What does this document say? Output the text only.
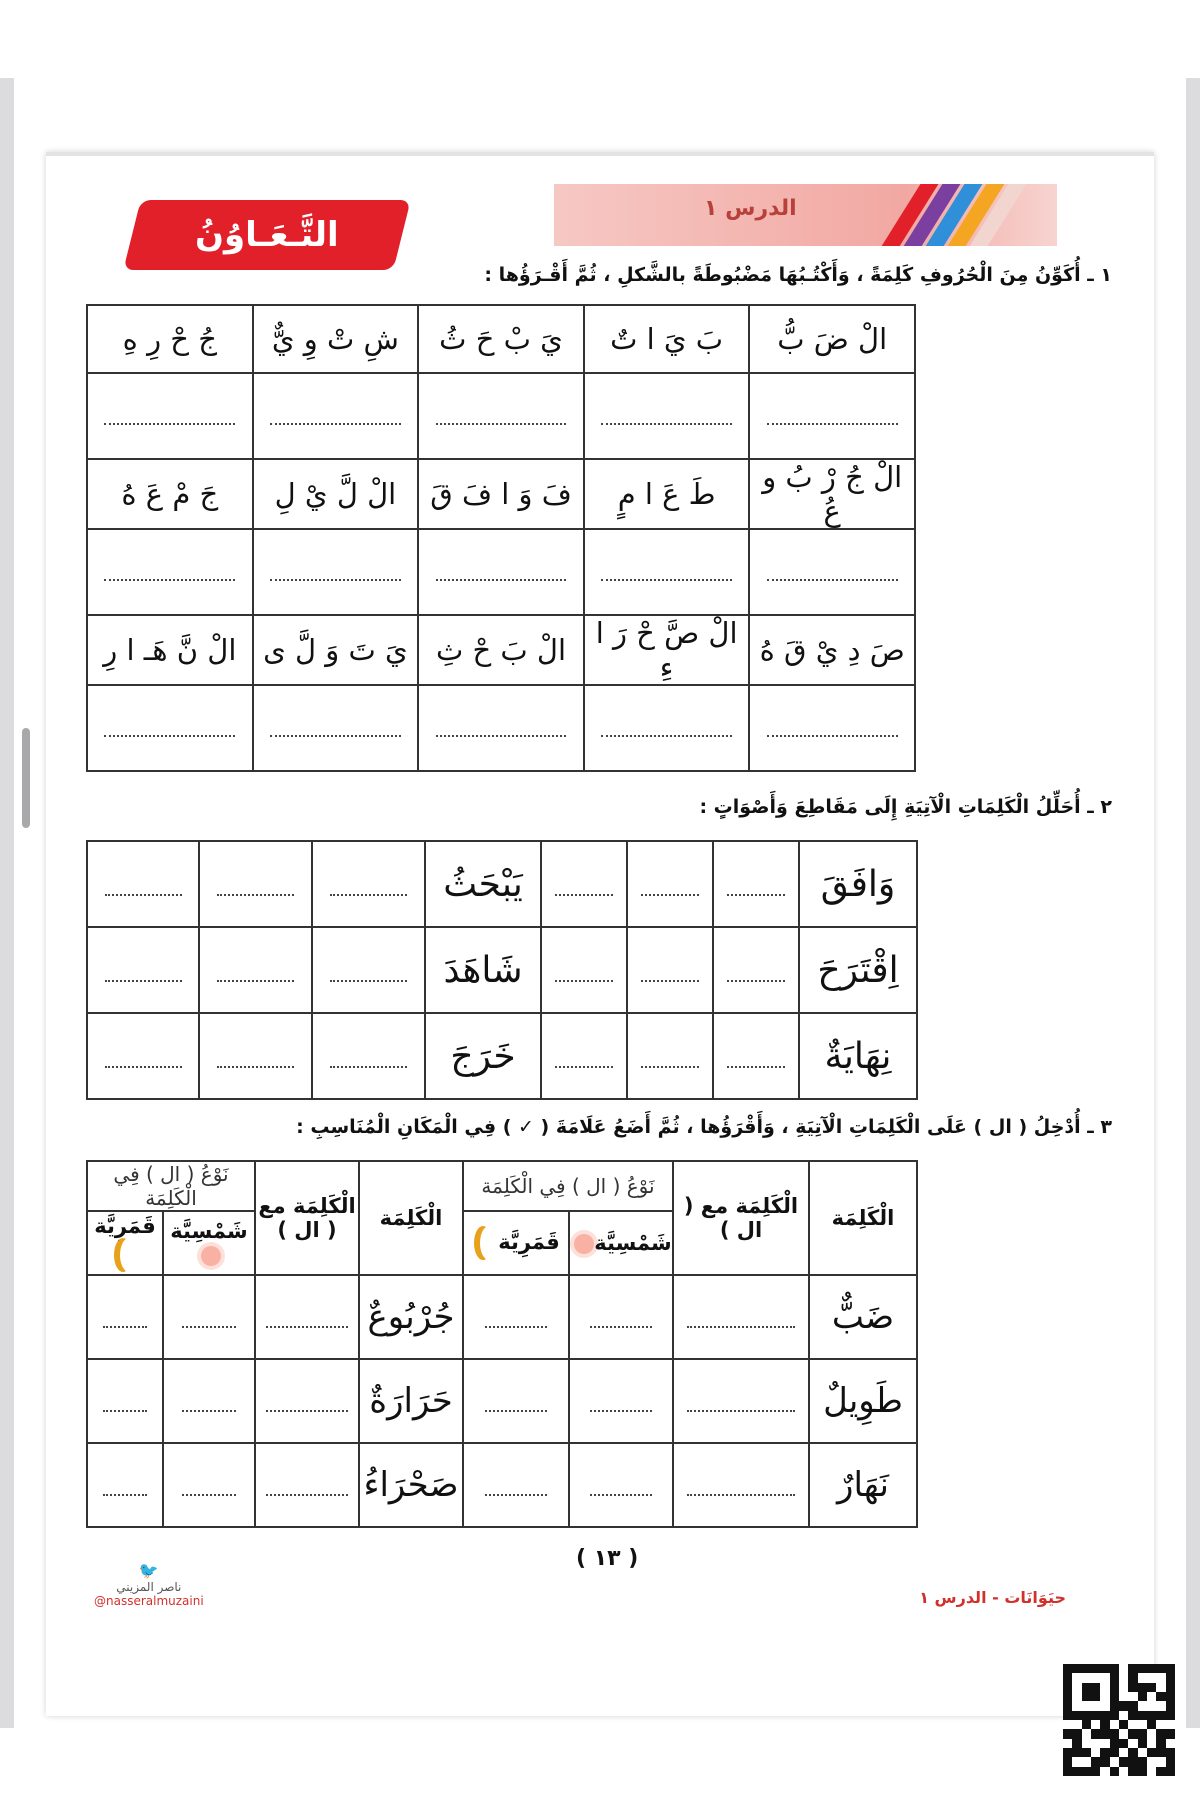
الدرس ١
التَّـعَـاوُنُ
١ ـ أُكَوِّنُ مِنَ الْحُرُوفِ كَلِمَةً ، وَأَكْتُـبُهَا مَضْبُوطَةً بالشَّكلِ ، ثُمَّ أَقْـرَؤُها :
الْ ضَ بُّ	بَ يَ ا تٌ	يَ بْ حَ ثُ	شِ تْ وِ يٌّ	جُ حْ رِ هِ

الْ جُ رْ بُ و عُ	طَ عَ ا مٍ	فَ وَ ا فَ قَ	الْ لَّ يْ لِ	جَ مْ عَ هُ

صَ دِ يْ قَ هُ	الْ صَّ حْ رَ ا ءِ	الْ بَ حْ ثِ	يَ تَ وَ لَّ ى	الْ نَّ هَـ ا رِ

٢ ـ أُحَلِّلُ الْكَلِمَاتِ الْآتِيَةِ إِلَى مَقَاطِعَ وَأَصْوَاتٍ :
وَافَقَ				يَبْحَثُ			
اِقْتَرَحَ				شَاهَدَ			
نِهَايَةٌ				خَرَجَ			
٣ ـ أُدْخِلُ ( ال ) عَلَى الْكَلِمَاتِ الْآتِيَةِ ، وَأَقْرَؤُها ، ثُمَّ أَضَعُ عَلَامَةَ ( ✓ ) فِي الْمَكَانِ الْمُنَاسِبِ :
الْكَلِمَة	الْكَلِمَة مع ( ال )	نَوْعُ ( ال ) فِي الْكَلِمَة		الْكَلِمَة	الْكَلِمَة مع ( ال )	نَوْعُ ( ال ) فِي الْكَلِمَة	
		شَمْسِيَّة	قَمَرِيَّة			شَمْسِيَّة	قَمَرِيَّة
ضَبٌّ				جُرْبُوعٌ			
طَوِيلٌ				حَرَارَةٌ			
نَهَارٌ				صَحْرَاءُ			
( ١٣ )
🐦
ناصر المزيني
@nasseralmuzaini	حيَوَانَات - الدرس ١
